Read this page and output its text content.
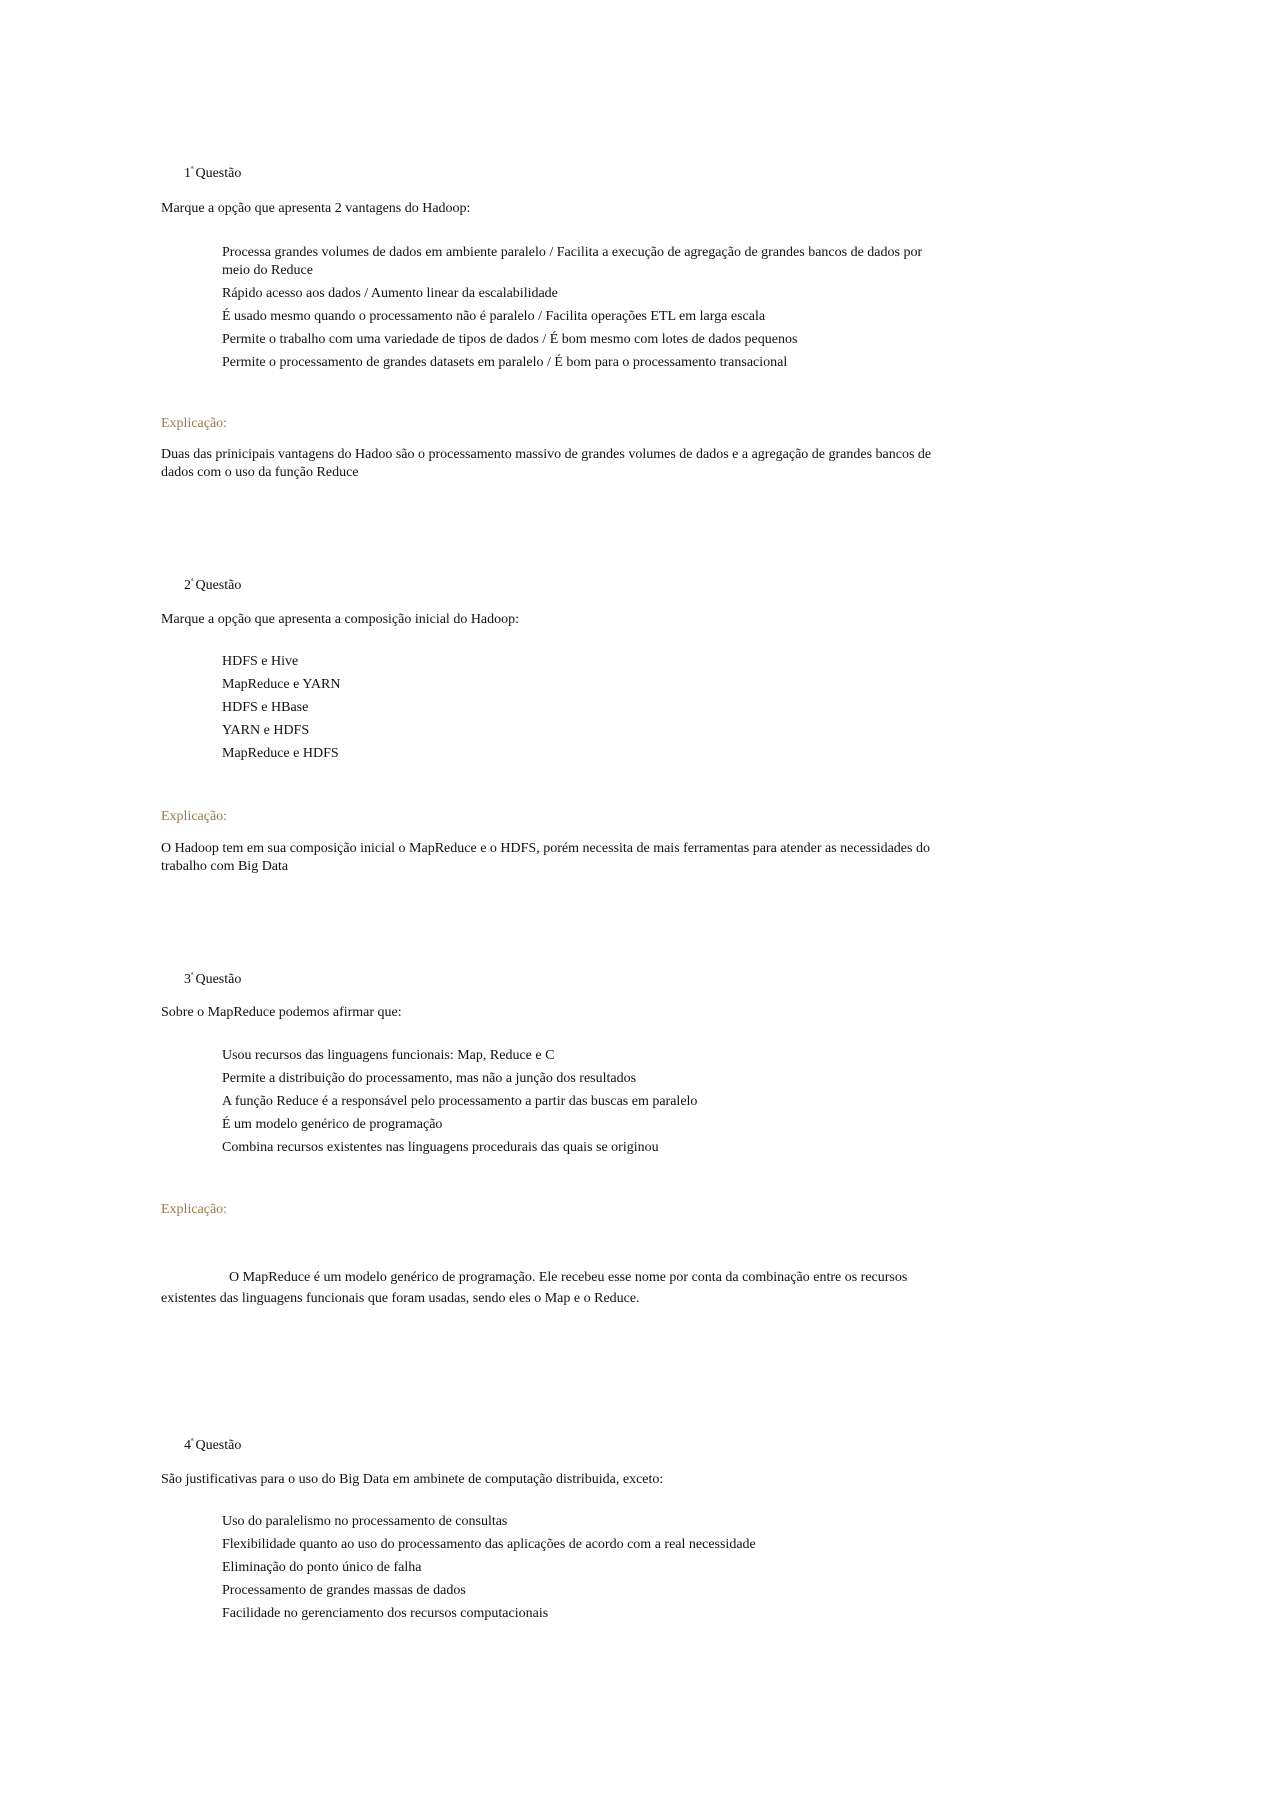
$1^ª$ Questão
Marque a opção que apresenta 2 vantagens do Hadoop:

Processa grandes volumes de dados em ambiente paralelo / Facilita a execução de agregação de grandes bancos de dados por meio do Reduce

Rápido acesso aos dados / Aumento linear da escalabilidade

É usado mesmo quando o processamento não é paralelo / Facilita operações ETL em larga escala

Permite o trabalho com uma variedade de tipos de dados / É bom mesmo com lotes de dados pequenos

Permite o processamento de grandes datasets em paralelo / É bom para o processamento transacional

Explicação:
Duas das prinicipais vantagens do Hadoo são o processamento massivo de grandes volumes de dados e a agregação de grandes bancos de dados com o uso da função Reduce
$2^ª$ Questão
Marque a opção que apresenta a composição inicial do Hadoop:

HDFS e Hive

MapReduce e YARN

HDFS e HBase

YARN e HDFS

MapReduce e HDFS

Explicação:
O Hadoop tem em sua composição inicial o MapReduce e o HDFS, porém necessita de mais ferramentas para atender as necessidades do trabalho com Big Data
$3^ª$ Questão
Sobre o MapReduce podemos afirmar que:

Usou recursos das linguagens funcionais: Map, Reduce e C

Permite a distribuição do processamento, mas não a junção dos resultados

A função Reduce é a responsável pelo processamento a partir das buscas em paralelo

É um modelo genérico de programação

Combina recursos existentes nas linguagens procedurais das quais se originou

Explicação:
O MapReduce é um modelo genérico de programação. Ele recebeu esse nome por conta da combinação entre os recursos existentes das linguagens funcionais que foram usadas, sendo eles o Map e o Reduce.
$4^ª$ Questão
São justificativas para o uso do Big Data em ambinete de computação distribuida, exceto:

Uso do paralelismo no processamento de consultas

Flexibilidade quanto ao uso do processamento das aplicações de acordo com a real necessidade

Eliminação do ponto único de falha

Processamento de grandes massas de dados

Facilidade no gerenciamento dos recursos computacionais
